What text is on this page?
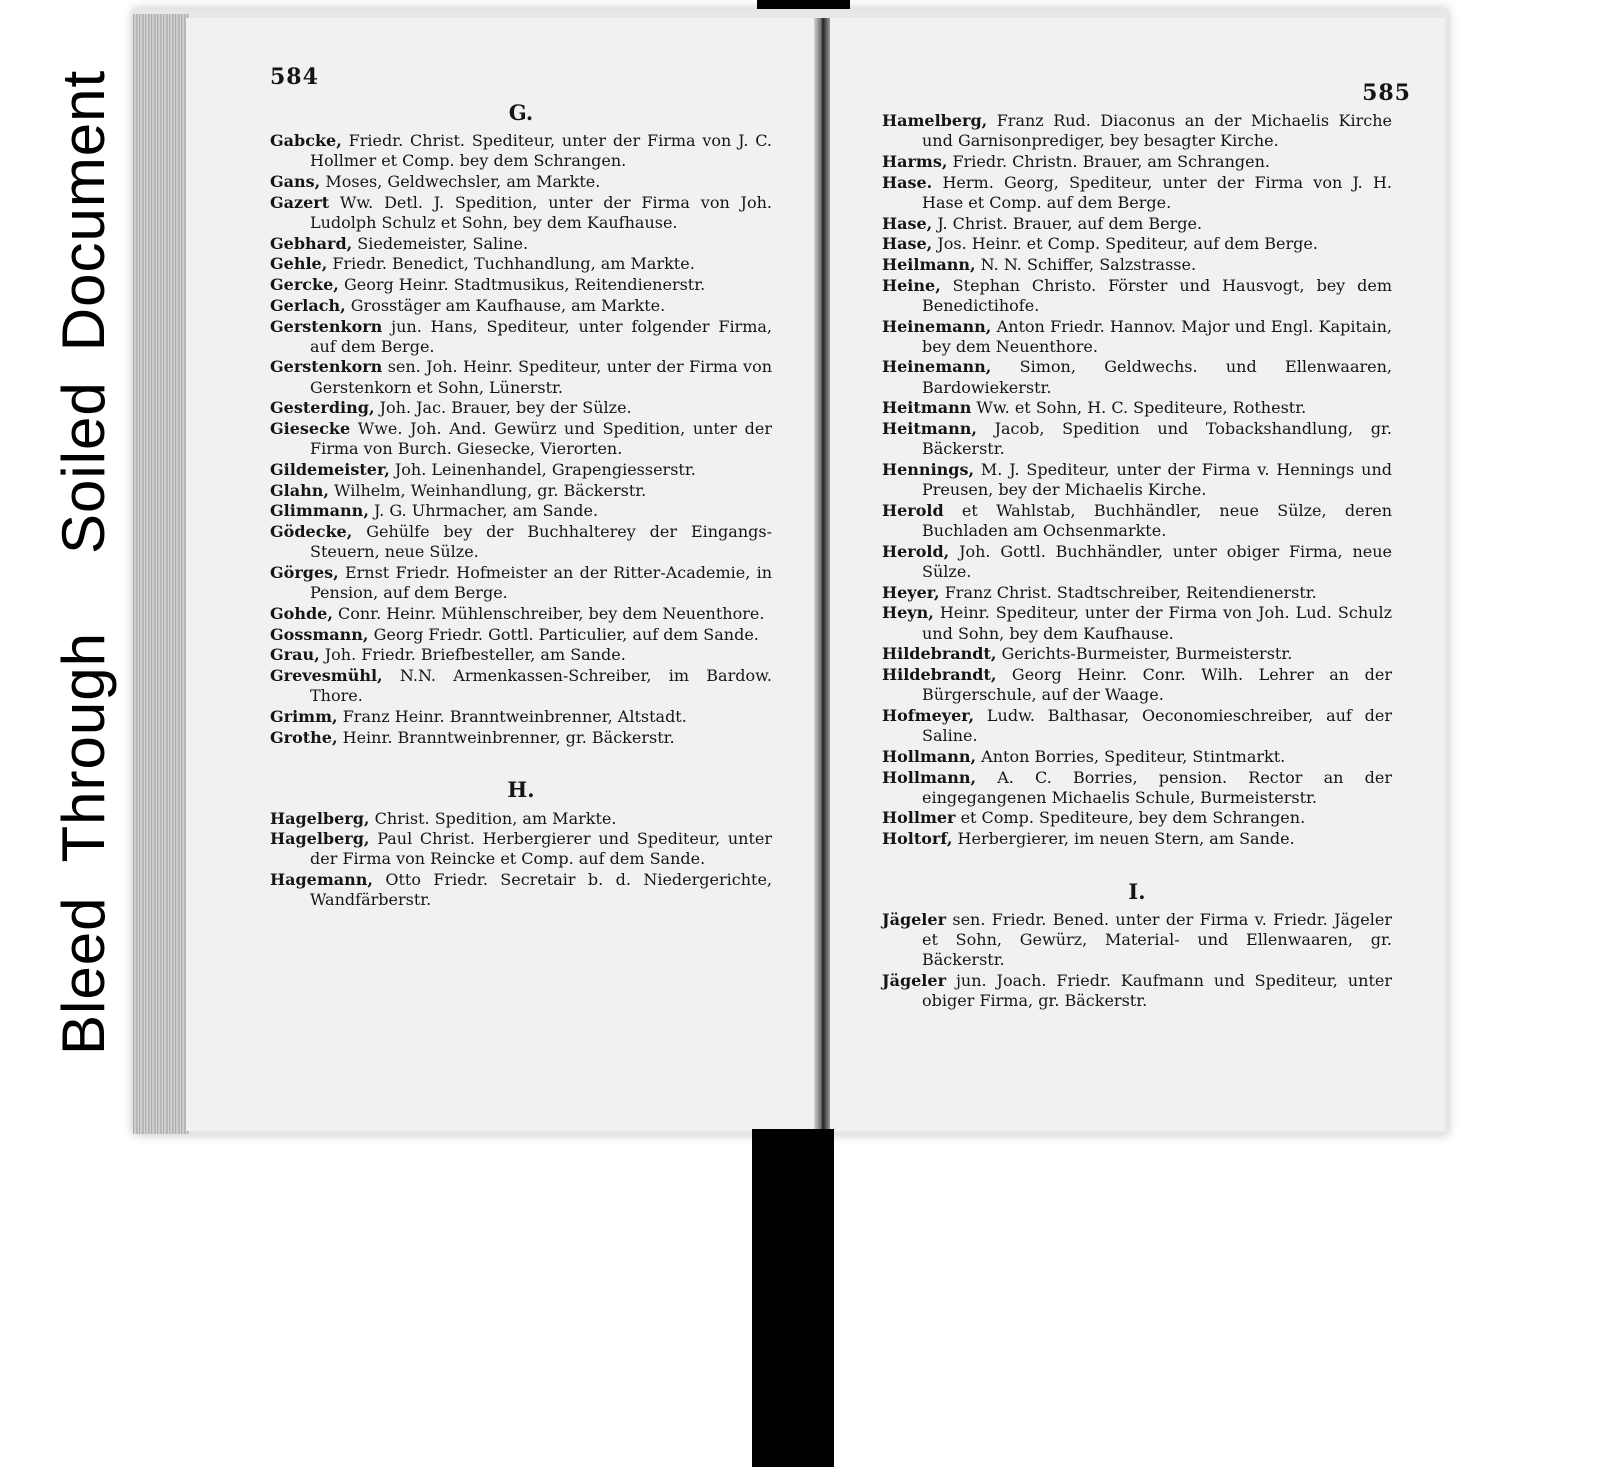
Bleed
Through
Soiled
Document	584
G.
Gabcke, Friedr. Christ. Spediteur, unter der Firma von J. C. Hollmer et Comp. bey dem Schrangen.
Gans, Moses, Geldwechsler, am Markte.
Gazert Ww. Detl. J. Spedition, unter der Firma von Joh. Ludolph Schulz et Sohn, bey dem Kaufhause.
Gebhard, Siedemeister, Saline.
Gehle, Friedr. Benedict, Tuchhandlung, am Markte.
Gercke, Georg Heinr. Stadtmusikus, Reitendienerstr.
Gerlach, Grosstäger am Kaufhause, am Markte.
Gerstenkorn jun. Hans, Spediteur, unter folgender Firma, auf dem Berge.
Gerstenkorn sen. Joh. Heinr. Spediteur, unter der Firma von Gerstenkorn et Sohn, Lünerstr.
Gesterding, Joh. Jac. Brauer, bey der Sülze.
Giesecke Wwe. Joh. And. Gewürz und Spedition, unter der Firma von Burch. Giesecke, Vierorten.
Gildemeister, Joh. Leinenhandel, Grapengiesserstr.
Glahn, Wilhelm, Weinhandlung, gr. Bäckerstr.
Glimmann, J. G. Uhrmacher, am Sande.
Gödecke, Gehülfe bey der Buchhalterey der Eingangs-Steuern, neue Sülze.
Görges, Ernst Friedr. Hofmeister an der Ritter-Academie, in Pension, auf dem Berge.
Gohde, Conr. Heinr. Mühlenschreiber, bey dem Neuenthore.
Gossmann, Georg Friedr. Gottl. Particulier, auf dem Sande.
Grau, Joh. Friedr. Briefbesteller, am Sande.
Grevesmühl, N.N. Armenkassen-Schreiber, im Bardow. Thore.
Grimm, Franz Heinr. Branntweinbrenner, Altstadt.
Grothe, Heinr. Branntweinbrenner, gr. Bäckerstr.
H.
Hagelberg, Christ. Spedition, am Markte.
Hagelberg, Paul Christ. Herbergierer und Spediteur, unter der Firma von Reincke et Comp. auf dem Sande.
Hagemann, Otto Friedr. Secretair b. d. Niedergerichte, Wandfärberstr.
585
Hamelberg, Franz Rud. Diaconus an der Michaelis Kirche und Garnisonprediger, bey besagter Kirche.
Harms, Friedr. Christn. Brauer, am Schrangen.
Hase. Herm. Georg, Spediteur, unter der Firma von J. H. Hase et Comp. auf dem Berge.
Hase, J. Christ. Brauer, auf dem Berge.
Hase, Jos. Heinr. et Comp. Spediteur, auf dem Berge.
Heilmann, N. N. Schiffer, Salzstrasse.
Heine, Stephan Christo. Förster und Hausvogt, bey dem Benedictihofe.
Heinemann, Anton Friedr. Hannov. Major und Engl. Kapitain, bey dem Neuenthore.
Heinemann, Simon, Geldwechs. und Ellenwaaren, Bardowiekerstr.
Heitmann Ww. et Sohn, H. C. Spediteure, Rothestr.
Heitmann, Jacob, Spedition und Tobackshandlung, gr. Bäckerstr.
Hennings, M. J. Spediteur, unter der Firma v. Hennings und Preusen, bey der Michaelis Kirche.
Herold et Wahlstab, Buchhändler, neue Sülze, deren Buchladen am Ochsenmarkte.
Herold, Joh. Gottl. Buchhändler, unter obiger Firma, neue Sülze.
Heyer, Franz Christ. Stadtschreiber, Reitendienerstr.
Heyn, Heinr. Spediteur, unter der Firma von Joh. Lud. Schulz und Sohn, bey dem Kaufhause.
Hildebrandt, Gerichts-Burmeister, Burmeisterstr.
Hildebrandt, Georg Heinr. Conr. Wilh. Lehrer an der Bürgerschule, auf der Waage.
Hofmeyer, Ludw. Balthasar, Oeconomieschreiber, auf der Saline.
Hollmann, Anton Borries, Spediteur, Stintmarkt.
Hollmann, A. C. Borries, pension. Rector an der eingegangenen Michaelis Schule, Burmeisterstr.
Hollmer et Comp. Spediteure, bey dem Schrangen.
Holtorf, Herbergierer, im neuen Stern, am Sande.
I.
Jägeler sen. Friedr. Bened. unter der Firma v. Friedr. Jägeler et Sohn, Gewürz, Material- und Ellenwaaren, gr. Bäckerstr.
Jägeler jun. Joach. Friedr. Kaufmann und Spediteur, unter obiger Firma, gr. Bäckerstr.
